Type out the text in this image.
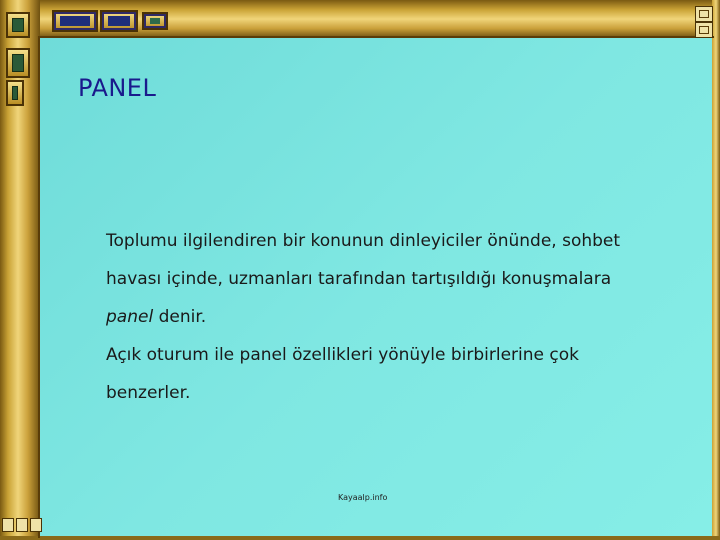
PANEL

Toplumu ilgilendiren bir konunun dinleyiciler önünde, sohbet

havası içinde, uzmanları tarafından tartışıldığı konuşmalara

panel denir.

Açık oturum ile panel özellikleri yönüyle birbirlerine çok

benzerler.

Kayaalp.info
